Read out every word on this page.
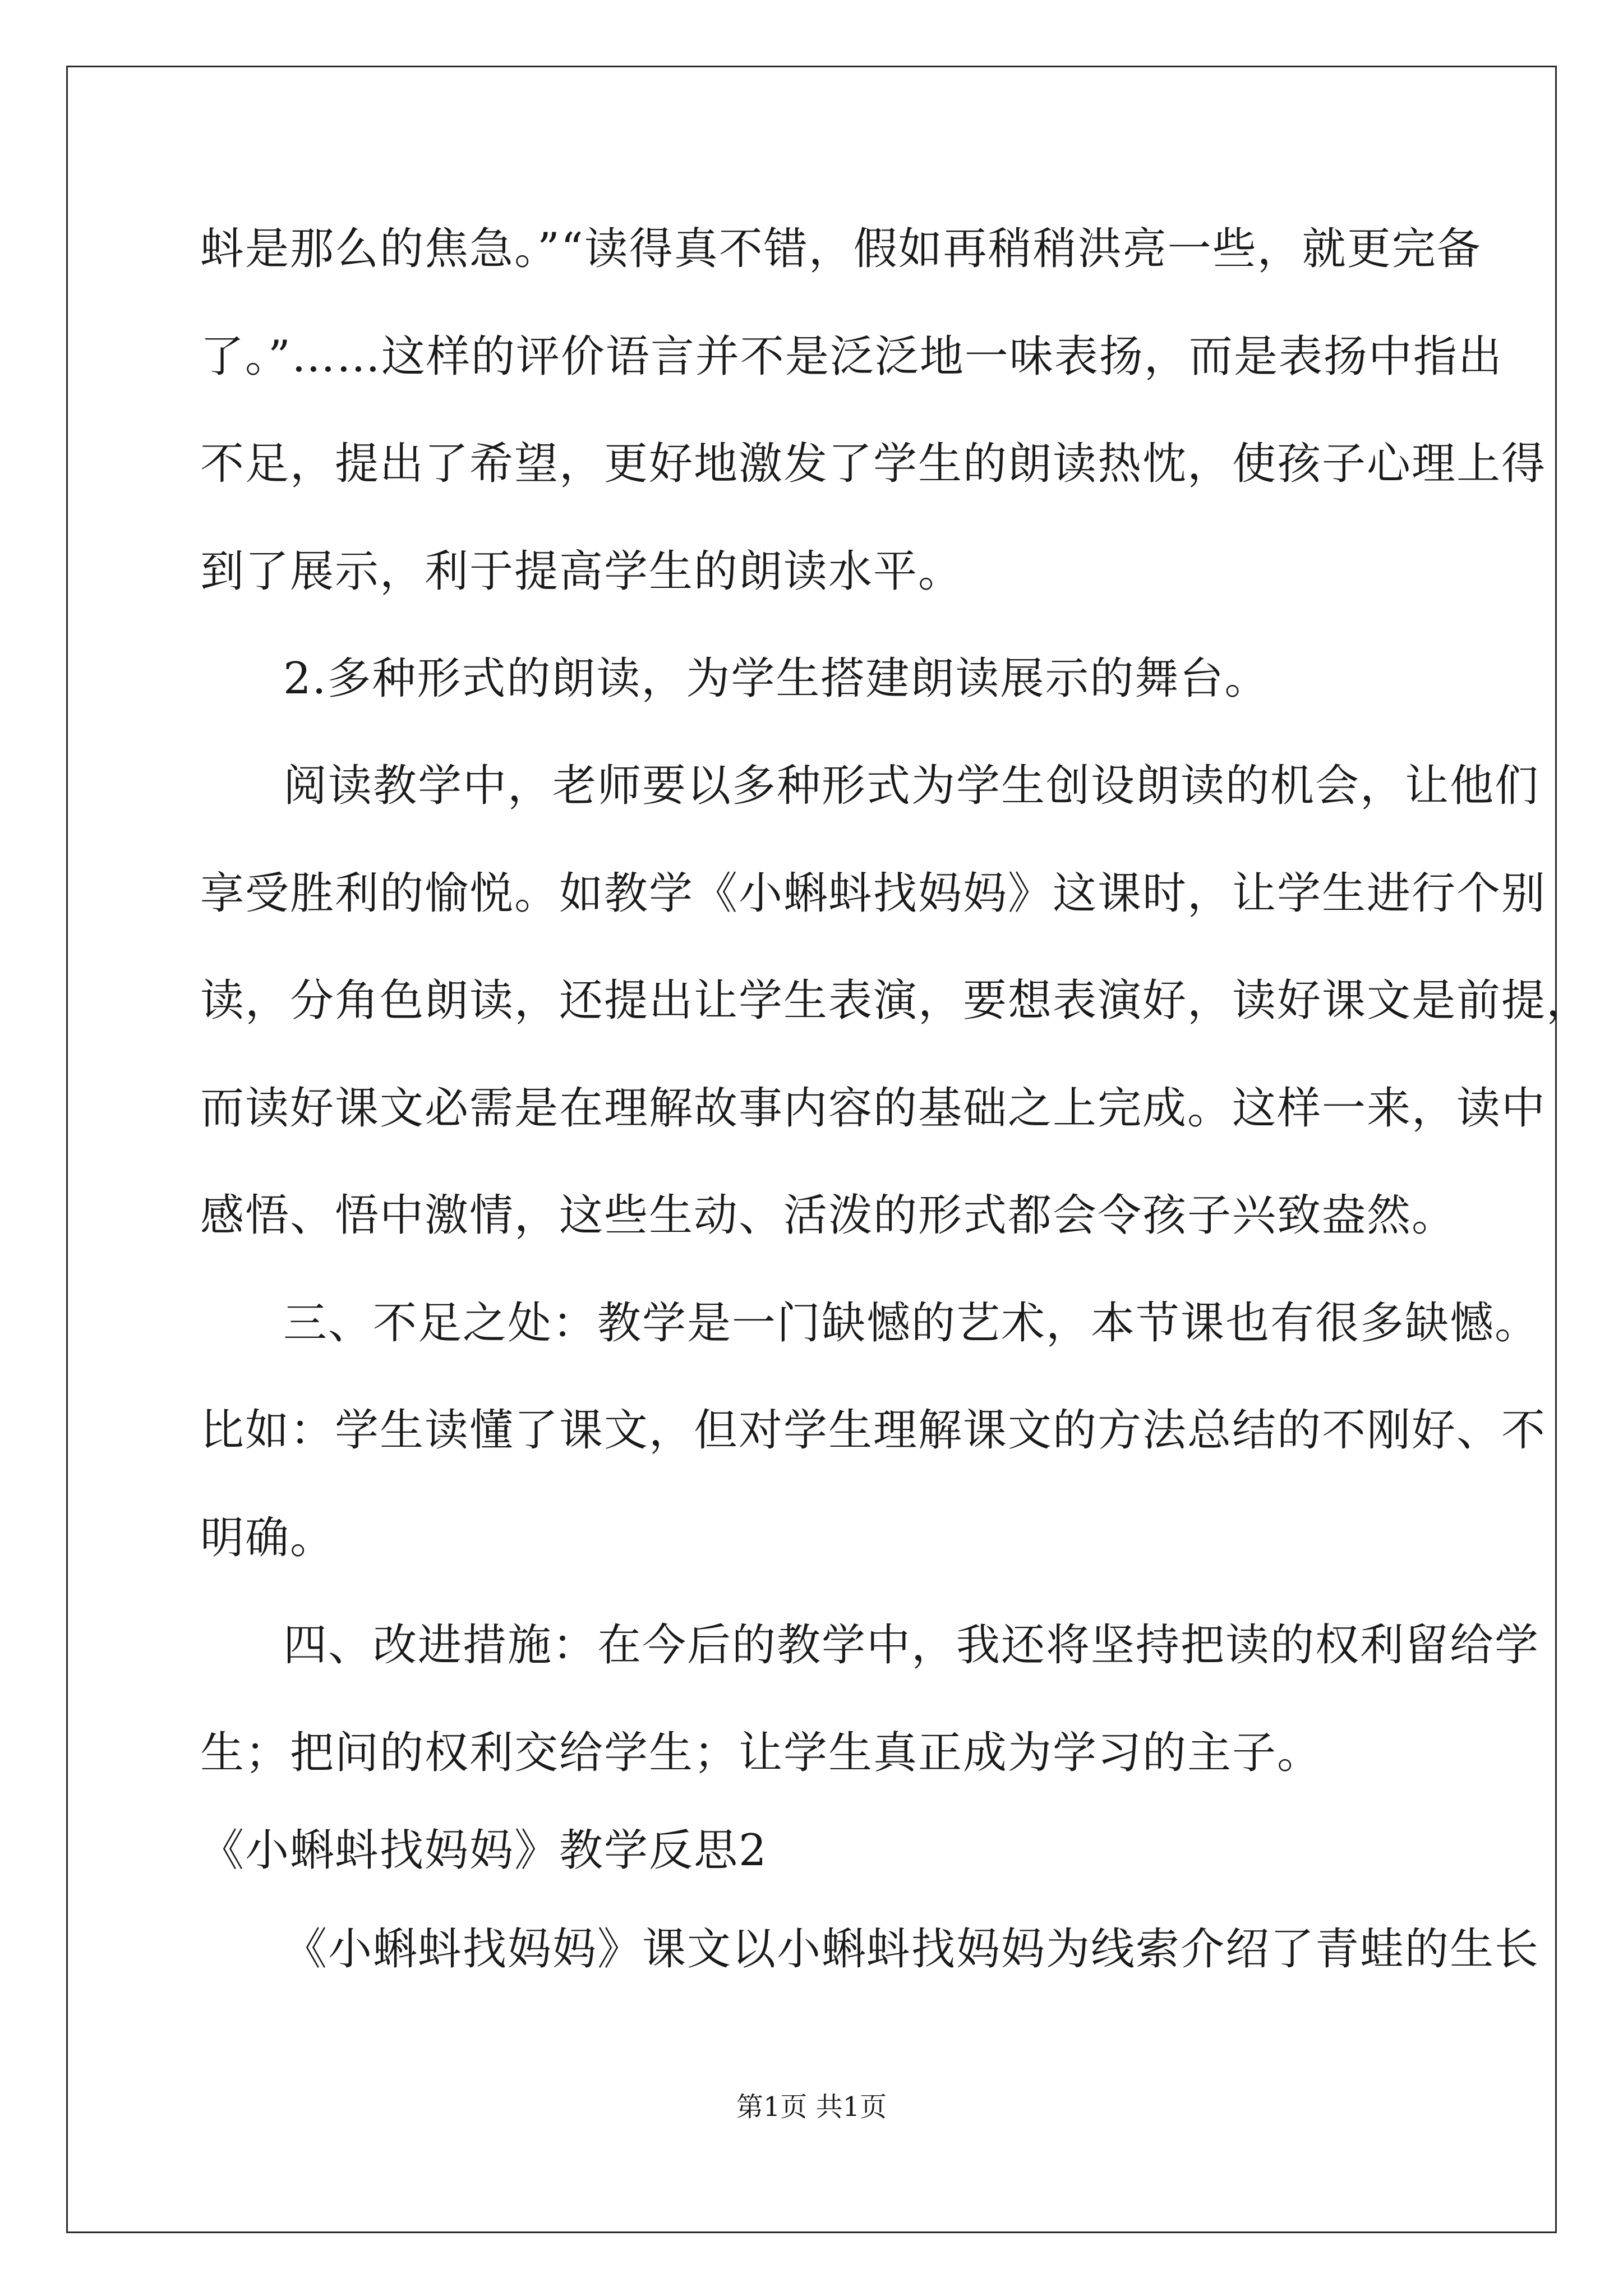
蚪是那么的焦急。”“读得真不错，假如再稍稍洪亮一些，就更完备
了。”……这样的评价语言并不是泛泛地一味表扬，而是表扬中指出
不足，提出了希望，更好地激发了学生的朗读热忱，使孩子心理上得
到了展示，利于提高学生的朗读水平。
2.多种形式的朗读，为学生搭建朗读展示的舞台。
阅读教学中，老师要以多种形式为学生创设朗读的机会，让他们
享受胜利的愉悦。如教学《小蝌蚪找妈妈》这课时，让学生进行个别
读，分角色朗读，还提出让学生表演，要想表演好，读好课文是前提，
而读好课文必需是在理解故事内容的基础之上完成。这样一来，读中
感悟、悟中激情，这些生动、活泼的形式都会令孩子兴致盎然。
三、不足之处：教学是一门缺憾的艺术，本节课也有很多缺憾。
比如：学生读懂了课文，但对学生理解课文的方法总结的不刚好、不
明确。
四、改进措施：在今后的教学中，我还将坚持把读的权利留给学
生；把问的权利交给学生；让学生真正成为学习的主子。
《小蝌蚪找妈妈》教学反思2
《小蝌蚪找妈妈》课文以小蝌蚪找妈妈为线索介绍了青蛙的生长
第1页 共1页
